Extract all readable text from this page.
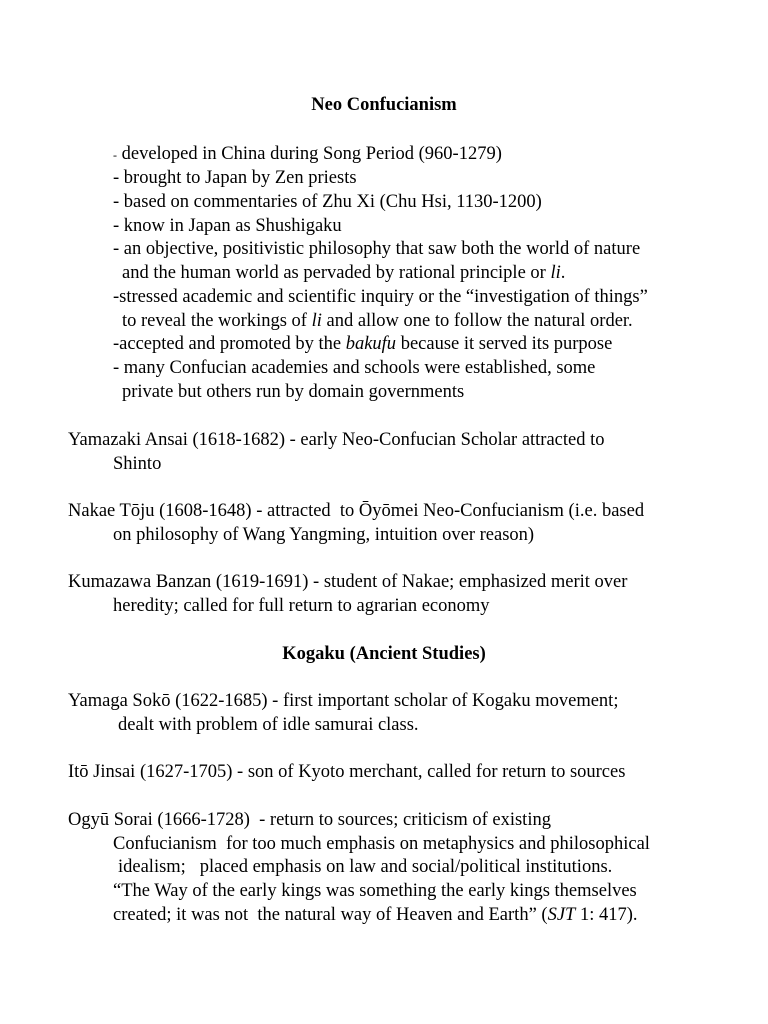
Neo Confucianism
- developed in China during Song Period (960-1279)
- brought to Japan by Zen priests
- based on commentaries of Zhu Xi (Chu Hsi, 1130-1200)
- know in Japan as Shushigaku
- an objective, positivistic philosophy that saw both the world of nature
and the human world as pervaded by rational principle or li.
-stressed academic and scientific inquiry or the “investigation of things”
to reveal the workings of li and allow one to follow the natural order.
-accepted and promoted by the bakufu because it served its purpose
- many Confucian academies and schools were established, some
private but others run by domain governments
Yamazaki Ansai (1618-1682) - early Neo-Confucian Scholar attracted to
Shinto
Nakae Tōju (1608-1648) - attracted  to Ōyōmei Neo-Confucianism (i.e. based
on philosophy of Wang Yangming, intuition over reason)
Kumazawa Banzan (1619-1691) - student of Nakae; emphasized merit over
heredity; called for full return to agrarian economy
Kogaku (Ancient Studies)
Yamaga Sokō (1622-1685) - first important scholar of Kogaku movement;
dealt with problem of idle samurai class.
Itō Jinsai (1627-1705) - son of Kyoto merchant, called for return to sources
Ogyū Sorai (1666-1728)  - return to sources; criticism of existing
Confucianism  for too much emphasis on metaphysics and philosophical
idealism;   placed emphasis on law and social/political institutions.
“The Way of the early kings was something the early kings themselves
created; it was not  the natural way of Heaven and Earth” (SJT 1: 417).
